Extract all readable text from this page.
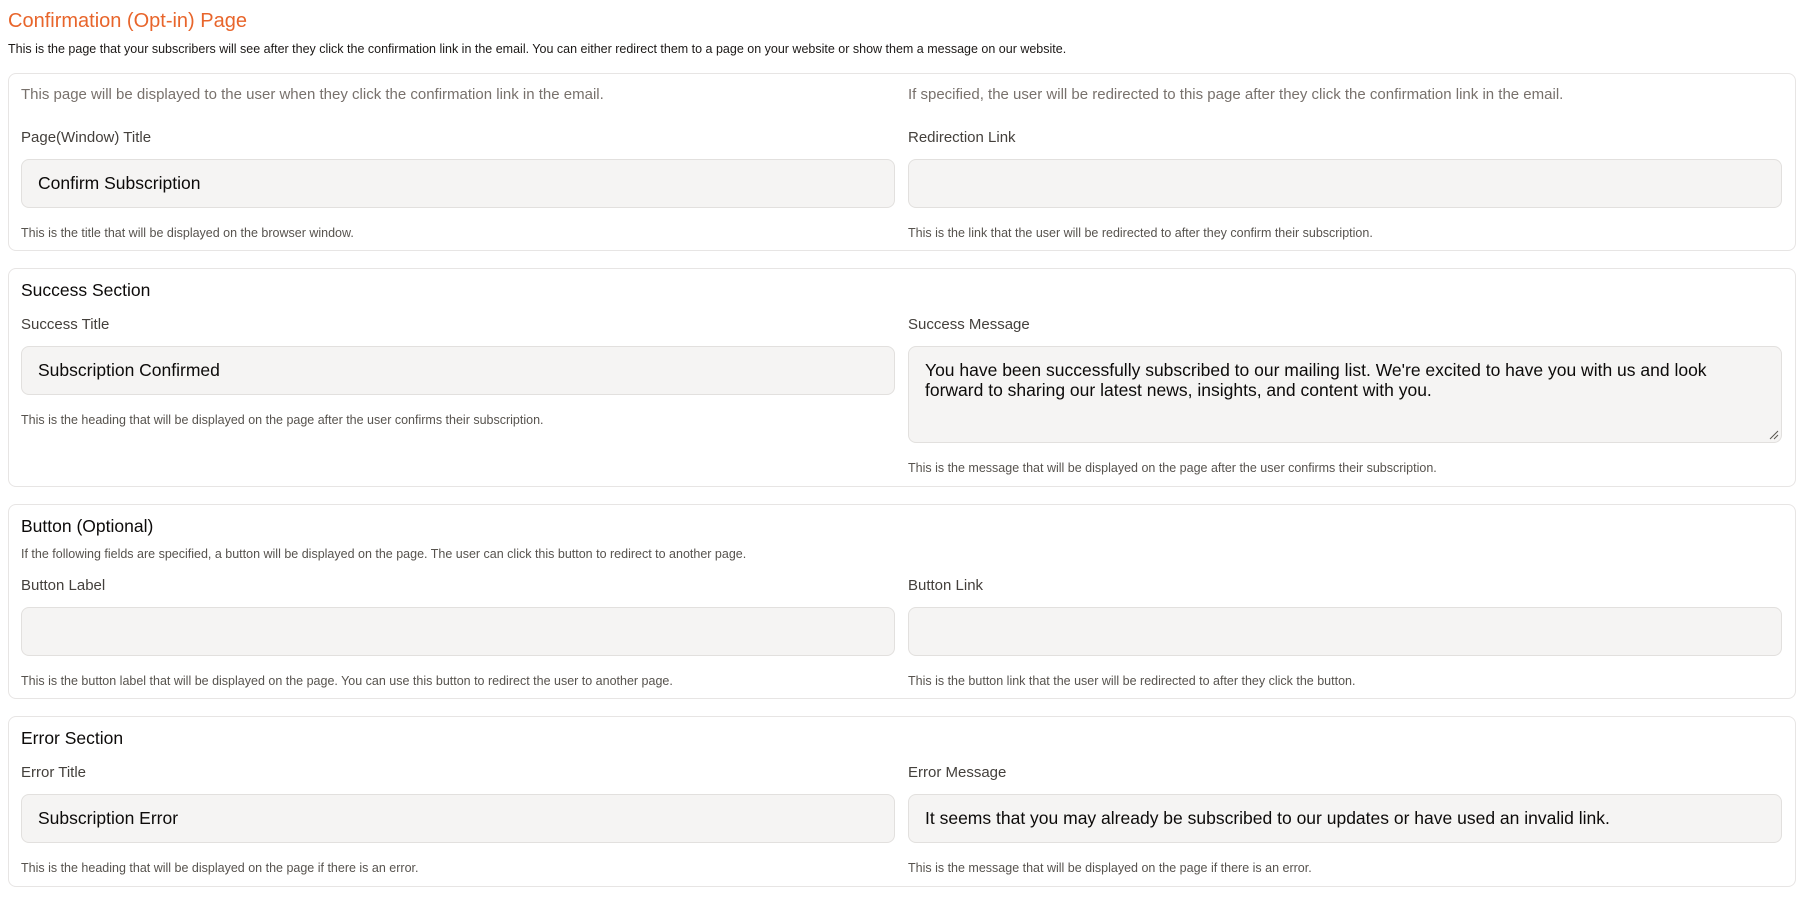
Confirmation (Opt-in) Page
This is the page that your subscribers will see after they click the confirmation link in the email. You can either redirect them to a page on your website or show them a message on our website.
This page will be displayed to the user when they click the confirmation link in the email.	If specified, the user will be redirected to this page after they click the confirmation link in the email.
Page(Window) Title
Confirm Subscription
This is the title that will be displayed on the browser window.
Redirection Link
This is the link that the user will be redirected to after they confirm their subscription.
Success Section
Success Title
Subscription Confirmed
This is the heading that will be displayed on the page after the user confirms their subscription.
Success Message
You have been successfully subscribed to our mailing list. We're excited to have you with us and look forward to sharing our latest news, insights, and content with you.
This is the message that will be displayed on the page after the user confirms their subscription.
Button (Optional)
If the following fields are specified, a button will be displayed on the page. The user can click this button to redirect to another page.
Button Label
This is the button label that will be displayed on the page. You can use this button to redirect the user to another page.
Button Link
This is the button link that the user will be redirected to after they click the button.
Error Section
Error Title
Subscription Error
This is the heading that will be displayed on the page if there is an error.
Error Message
It seems that you may already be subscribed to our updates or have used an invalid link.
This is the message that will be displayed on the page if there is an error.
